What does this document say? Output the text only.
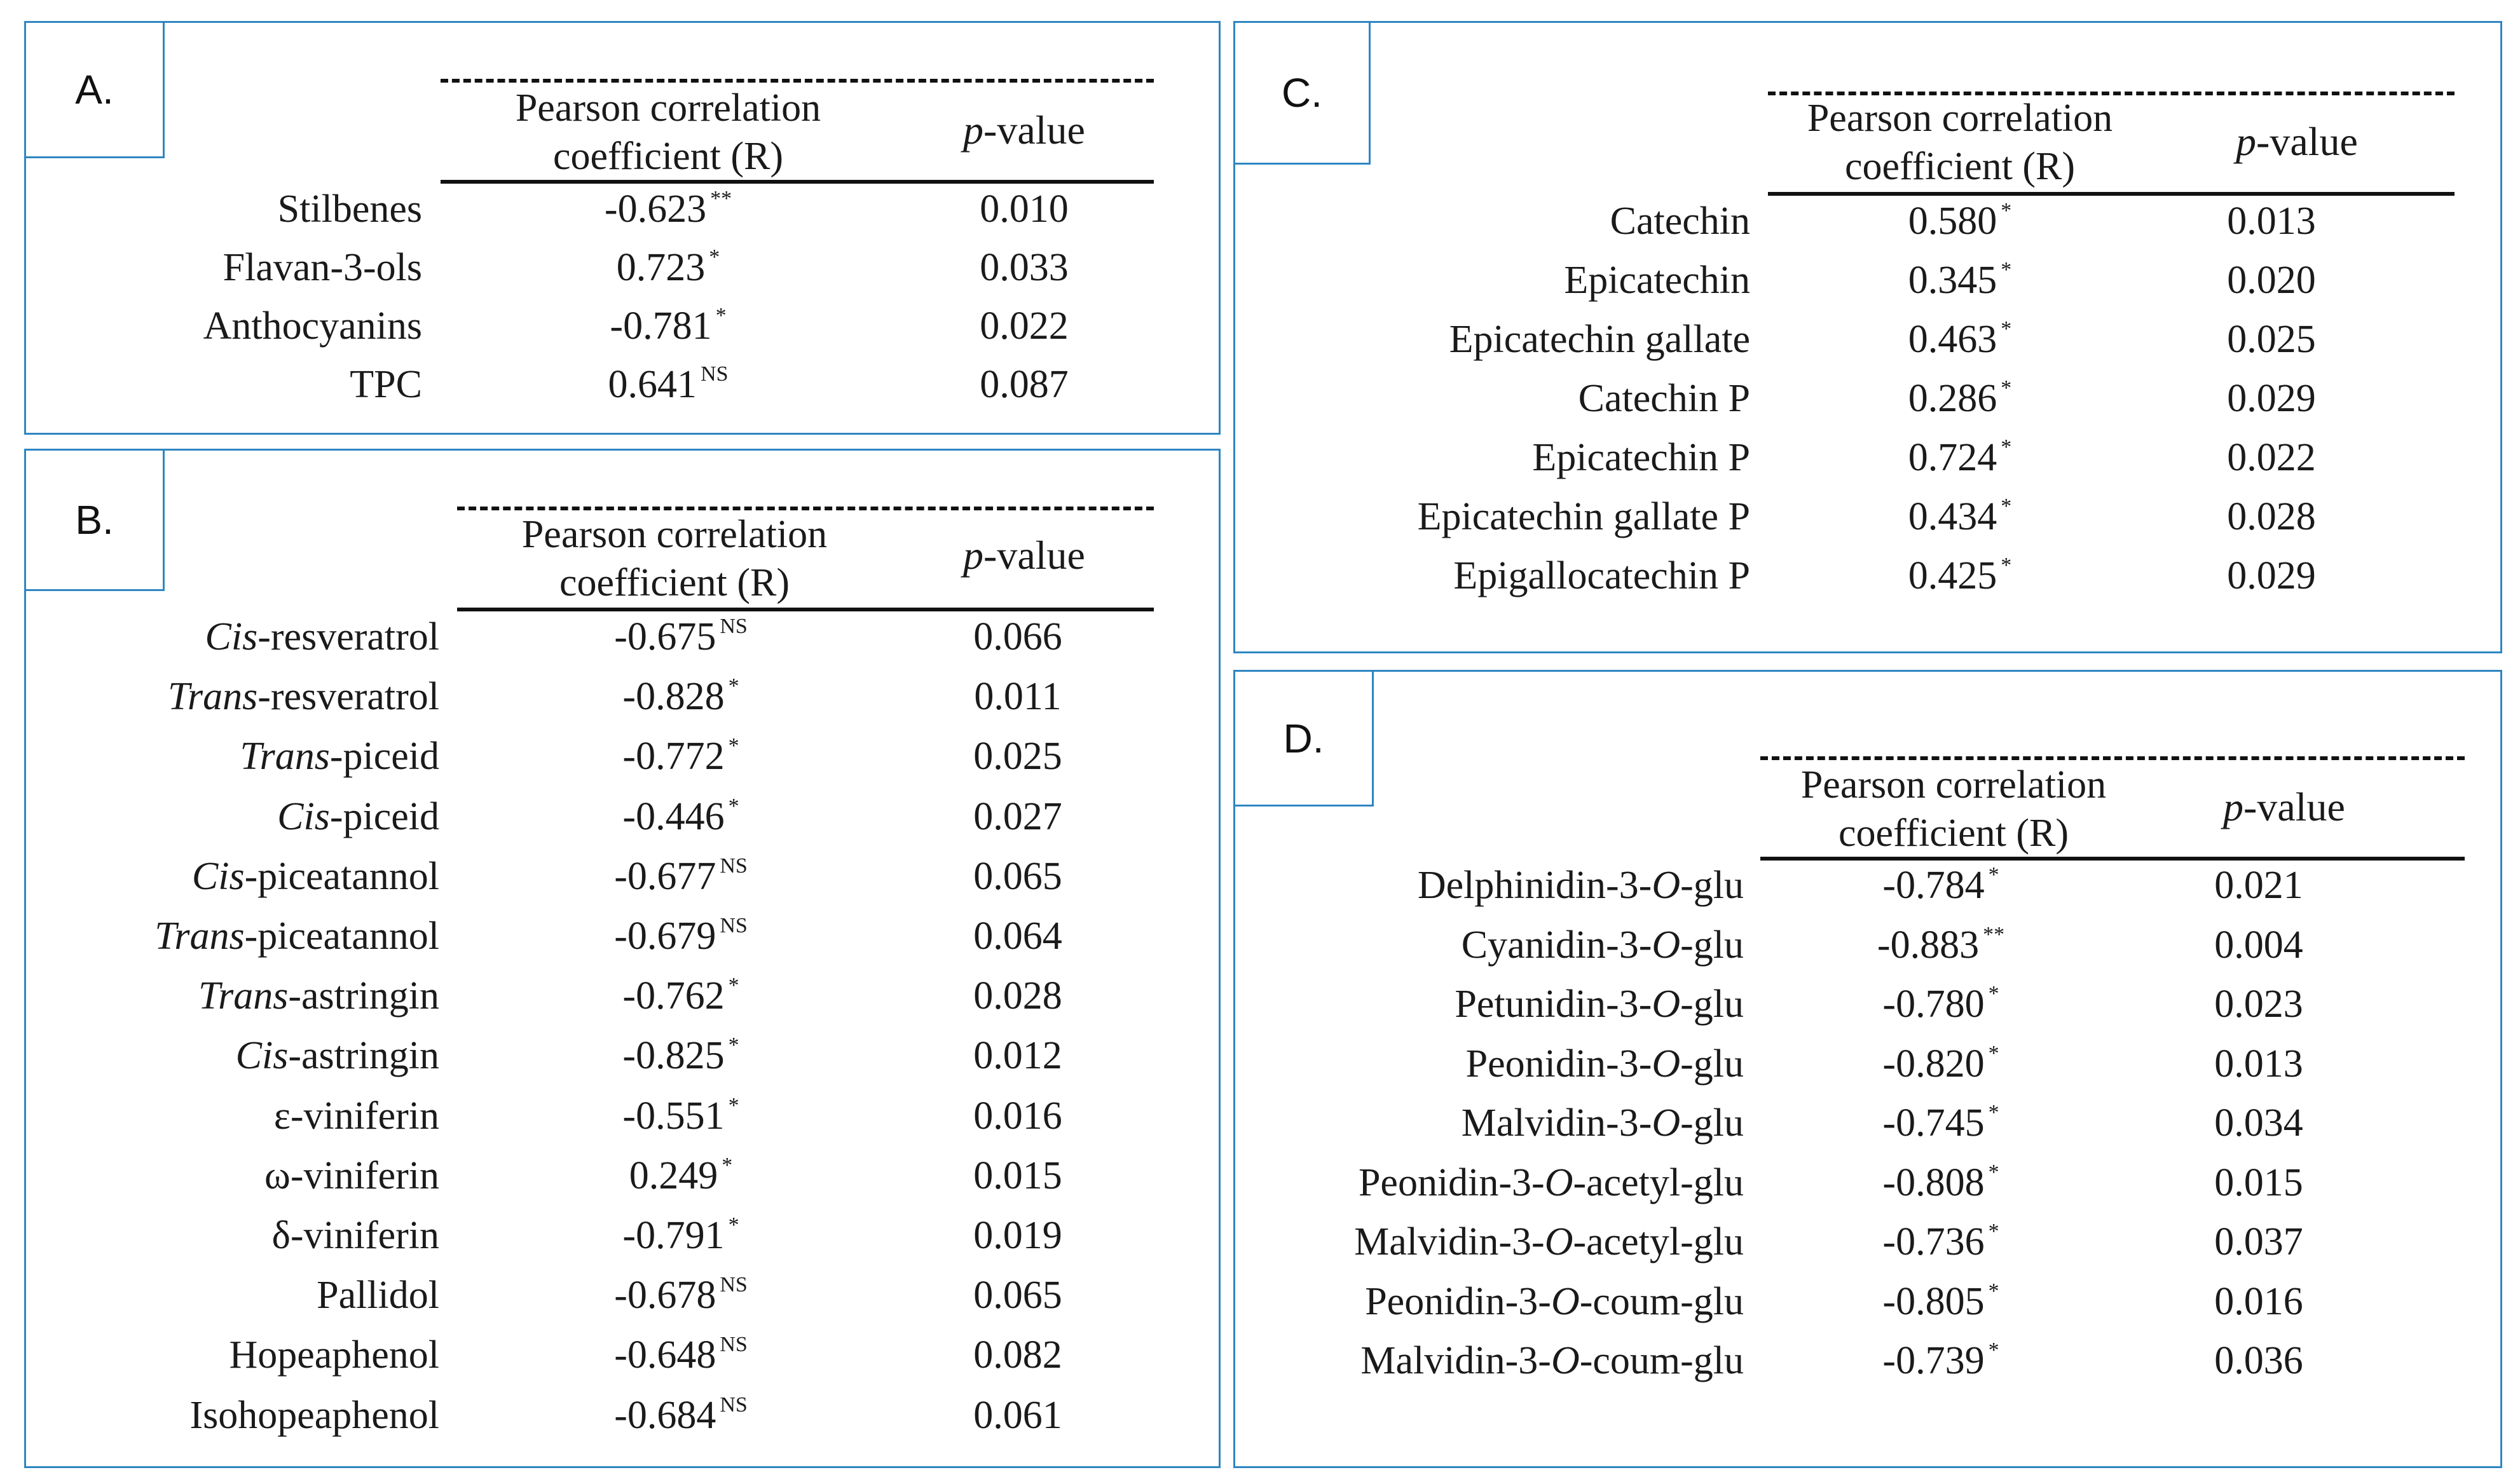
A.	Pearson correlation
coefficient (R)
p-value
Stilbenes	-0.623 **	0.010
Flavan-3-ols	0.723 *	0.033
Anthocyanins	-0.781 *	0.022
TPC	0.641 $^{NS}$	0.087
B.	Pearson correlation
coefficient (R)
p-value
Cis-resveratrol	-0.675 $^{NS}$	0.066
Trans-resveratrol	-0.828 *	0.011
Trans-piceid	-0.772 *	0.025
Cis-piceid	-0.446 *	0.027
Cis-piceatannol	-0.677 $^{NS}$	0.065
Trans-piceatannol	-0.679 $^{NS}$	0.064
Trans-astringin	-0.762 *	0.028
Cis-astringin	-0.825 *	0.012
ε-viniferin	-0.551 *	0.016
ω-viniferin	0.249 *	0.015
δ-viniferin	-0.791 *	0.019
Pallidol	-0.678 $^{NS}$	0.065
Hopeaphenol	-0.648 $^{NS}$	0.082
Isohopeaphenol	-0.684 $^{NS}$	0.061
C.
Pearson correlation
coefficient (R)
p-value
Catechin	0.580 *	0.013
Epicatechin	0.345 *	0.020
Epicatechin gallate	0.463 *	0.025
Catechin P	0.286 *	0.029
Epicatechin P	0.724 *	0.022
Epicatechin gallate P	0.434 *	0.028
Epigallocatechin P	0.425 *	0.029
D.
Pearson correlation
coefficient (R)
p-value
Delphinidin-3-O-glu	-0.784 *	0.021
Cyanidin-3-O-glu	-0.883 **	0.004
Petunidin-3-O-glu	-0.780 *	0.023
Peonidin-3-O-glu	-0.820 *	0.013
Malvidin-3-O-glu	-0.745 *	0.034
Peonidin-3-O-acetyl-glu	-0.808 *	0.015
Malvidin-3-O-acetyl-glu	-0.736 *	0.037
Peonidin-3-O-coum-glu	-0.805 *	0.016
Malvidin-3-O-coum-glu	-0.739 *	0.036
